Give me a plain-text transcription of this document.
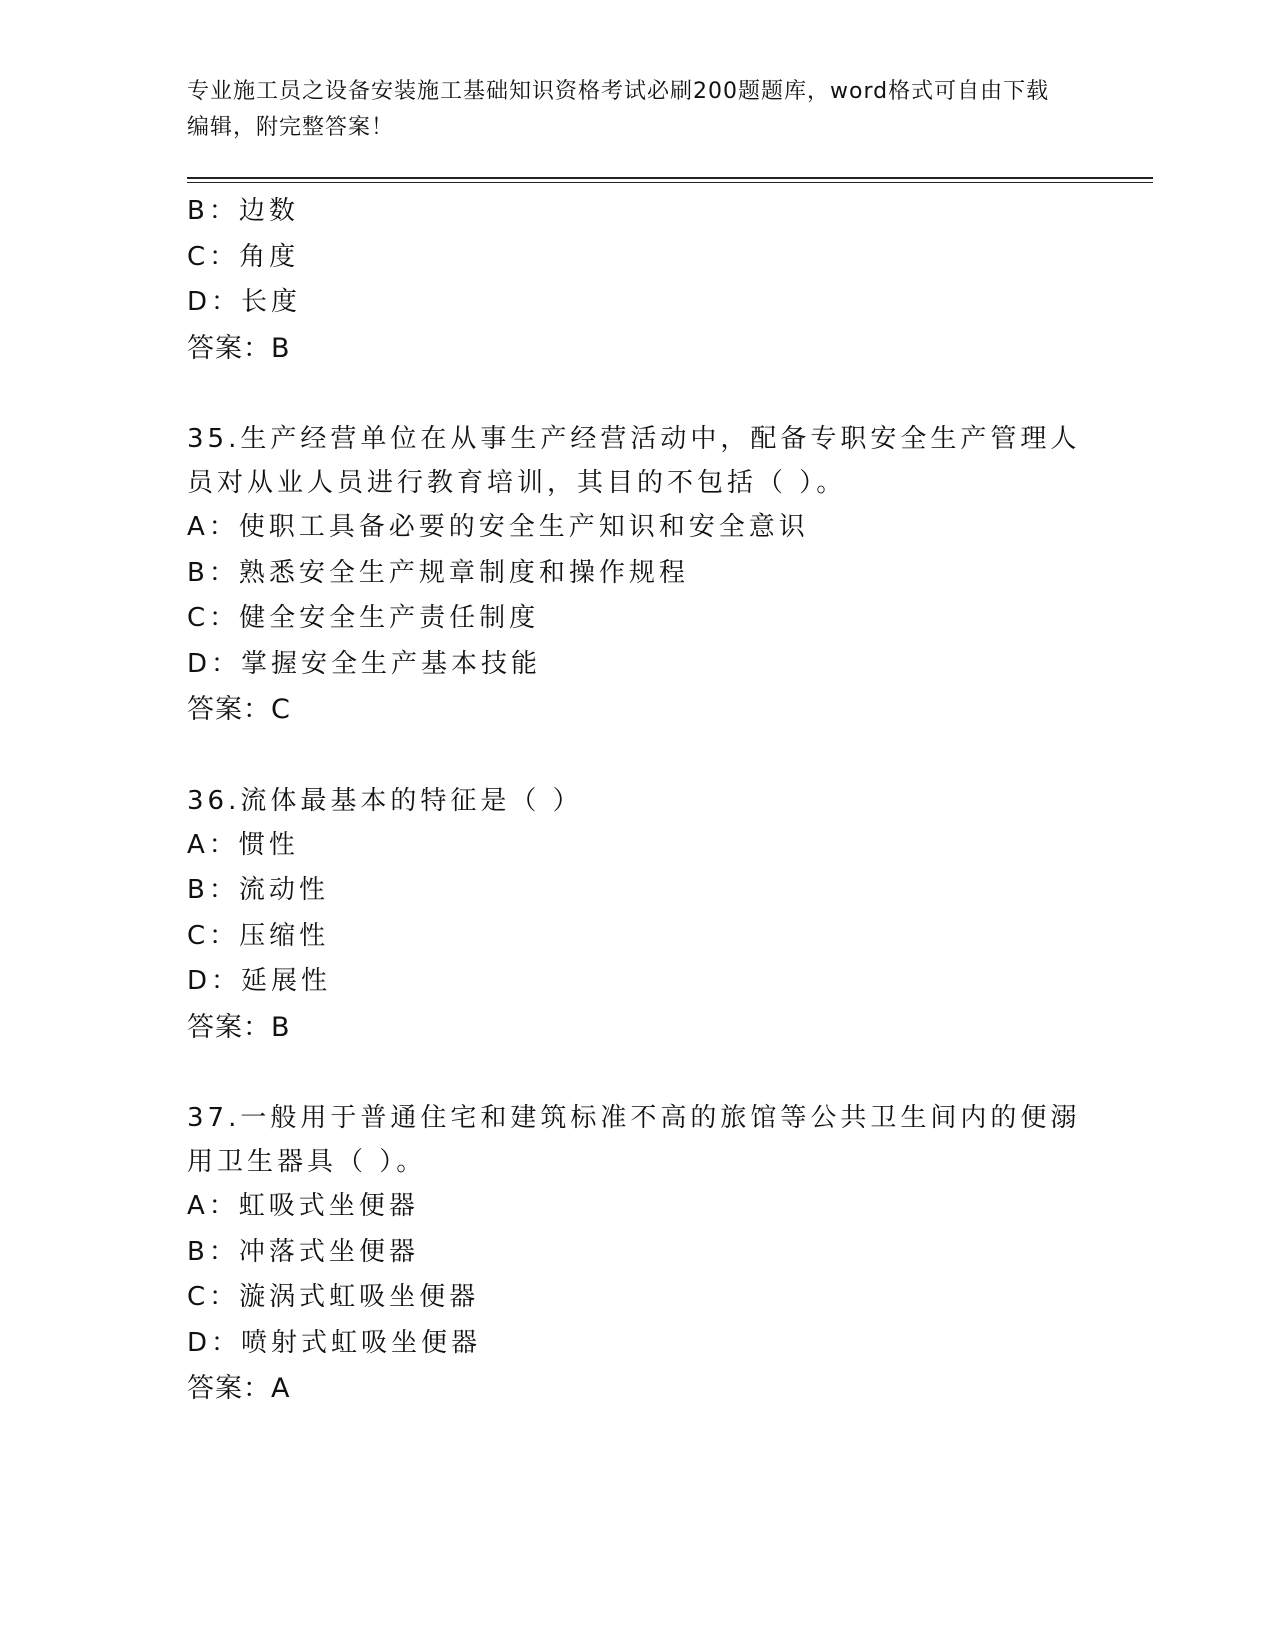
专业施工员之设备安装施工基础知识资格考试必刷200题题库，word格式可自由下载编辑，附完整答案！
B：边数
C：角度
D：长度
答案：B
35.生产经营单位在从事生产经营活动中，配备专职安全生产管理人员对从业人员进行教育培训，其目的不包括（ ）。
A：使职工具备必要的安全生产知识和安全意识
B：熟悉安全生产规章制度和操作规程
C：健全安全生产责任制度
D：掌握安全生产基本技能
答案：C
36.流体最基本的特征是（ ）
A：惯性
B：流动性
C：压缩性
D：延展性
答案：B
37.一般用于普通住宅和建筑标准不高的旅馆等公共卫生间内的便溺用卫生器具（ ）。
A：虹吸式坐便器
B：冲落式坐便器
C：漩涡式虹吸坐便器
D：喷射式虹吸坐便器
答案：A
